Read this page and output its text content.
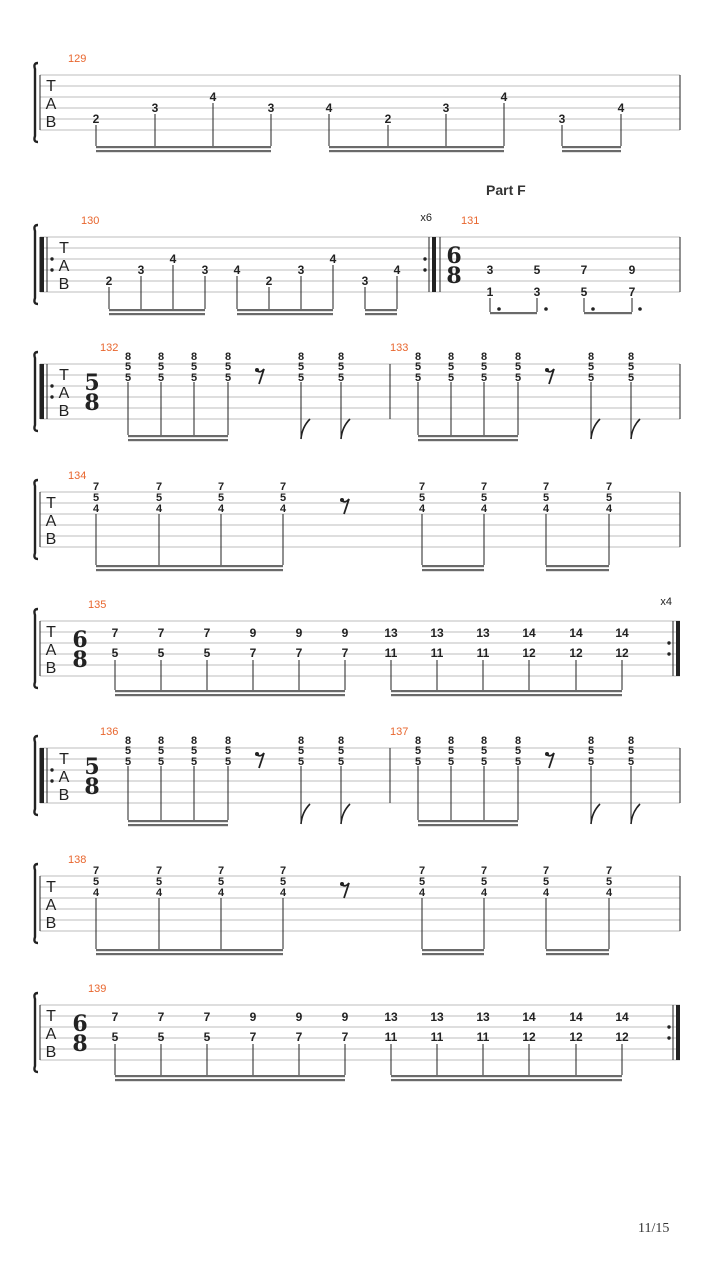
T
A
B
129
2
3
4
3	4
2
3
4
3
4
T
A
B
130
2
3
4
3 4
2
3
4
3
4
x6	131
6
8 3
1
5
3
7
5
9
7
T
A
B
132
5
8
8
5
5
8
5
5
8
5
5
8
5
5
8
5
5
8
5
5
133
8
5
5
8
5
5
8
5
5
8
5
5
8
5
5
8
5
5
T
A
B
134
7
5
4
7
5
4
7
5
4
7
5
4
7
5
4
7
5
4
7
5
4
7
5
4
T
A
B
135
6
8
7
5
7
5
7
5
9
7
9
7
9
7
13
11
13
11
13
11
14
12
14
12
14
12
x4
T
A
B
136
5
8
8
5
5
8
5
5
8
5
5
8
5
5
8
5
5
8
5
5
137
8
5
5
8
5
5
8
5
5
8
5
5
8
5
5
8
5
5
T
A
B
138
7
5
4
7
5
4
7
5
4
7
5
4
7
5
4
7
5
4
7
5
4
7
5
4
T
A
B
139
6
8
7
5
7
5
7
5
9
7
9
7
9
7
13
11
13
11
13
11
14
12
14
12
14
12
Part F
11/15
